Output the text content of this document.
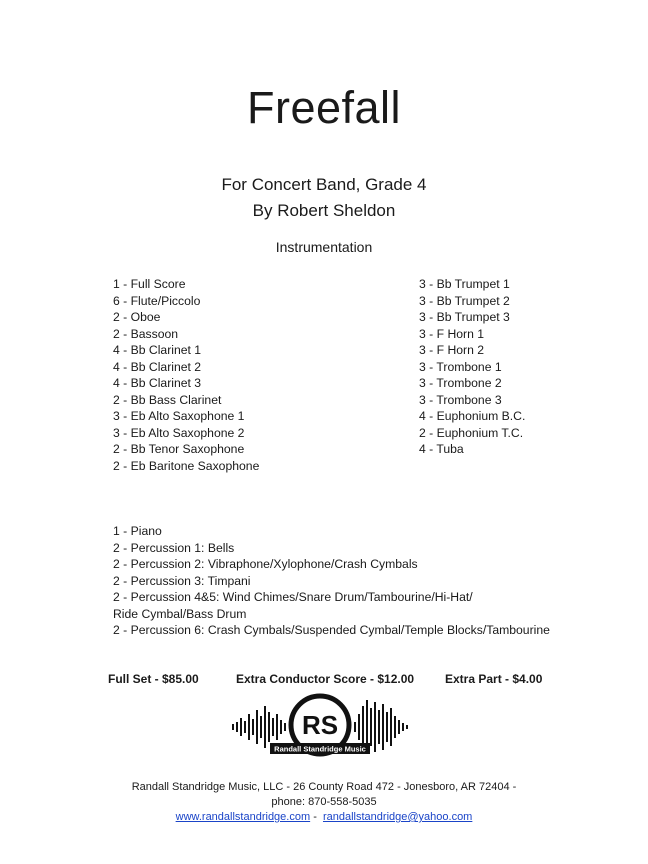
Freefall
For Concert Band, Grade 4
By Robert Sheldon
Instrumentation
1 - Full Score
6 - Flute/Piccolo
2 - Oboe
2 - Bassoon
4 - Bb Clarinet 1
4 - Bb Clarinet 2
4 - Bb Clarinet 3
2 - Bb Bass Clarinet
3 - Eb Alto Saxophone 1
3 - Eb Alto Saxophone 2
2 - Bb Tenor Saxophone
2 - Eb Baritone Saxophone
3 - Bb Trumpet 1
3 - Bb Trumpet 2
3 - Bb Trumpet 3
3 - F Horn 1
3 - F Horn 2
3 - Trombone 1
3 - Trombone 2
3 - Trombone 3
4 - Euphonium B.C.
2 - Euphonium T.C.
4 - Tuba
1 - Piano
2 - Percussion 1: Bells
2 - Percussion 2: Vibraphone/Xylophone/Crash Cymbals
2 - Percussion 3: Timpani
2 - Percussion 4&5: Wind Chimes/Snare Drum/Tambourine/Hi-Hat/
Ride Cymbal/Bass Drum
2 - Percussion 6: Crash Cymbals/Suspended Cymbal/Temple Blocks/Tambourine
Full Set - $85.00	Extra Conductor Score - $12.00	Extra Part - $4.00
RS
Randall Standridge Music
Randall Standridge Music, LLC - 26 County Road 472 - Jonesboro, AR 72404 -
phone: 870-558-5035
www.randallstandridge.com -  randallstandridge@yahoo.com
